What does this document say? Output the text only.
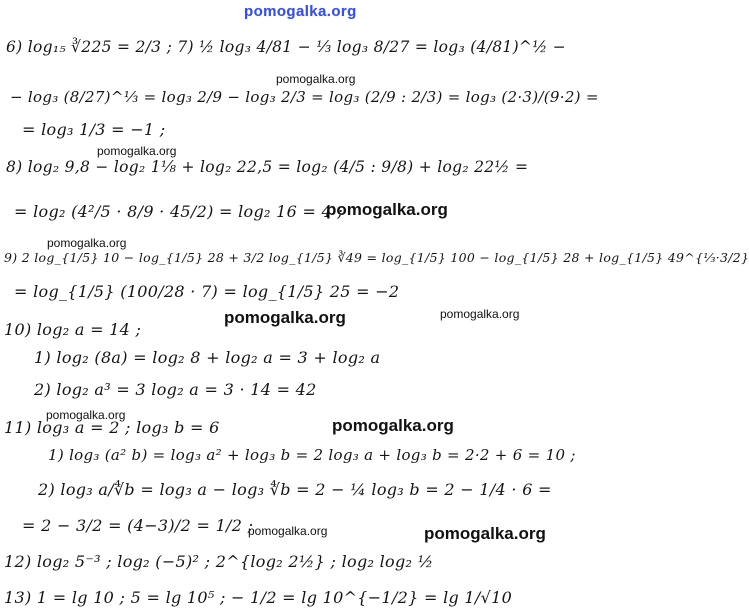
pomogalka.org
6) log₁₅ ∛225 = 2/3 ; 7) ½ log₃ 4/81 − ⅓ log₃ 8/27 = log₃ (4/81)^½ −
− log₃ (8/27)^⅓ = log₃ 2/9 − log₃ 2/3 = log₃ (2/9 : 2/3) = log₃ (2·3)/(9·2) =
= log₃ 1/3 = −1 ;
8) log₂ 9,8 − log₂ 1⅛ + log₂ 22,5 = log₂ (4/5 : 9/8) + log₂ 22½ =
= log₂ (4²/5 · 8/9 · 45/2) = log₂ 16 = 4 ;
9) 2 log_{1/5} 10 − log_{1/5} 28 + 3/2 log_{1/5} ∛49 = log_{1/5} 100 − log_{1/5} 28 + log_{1/5} 49^{⅓·3/2}
= log_{1/5} (100/28 · 7) = log_{1/5} 25 = −2
10) log₂ a = 14 ;
1) log₂ (8a) = log₂ 8 + log₂ a = 3 + log₂ a
2) log₂ a³ = 3 log₂ a = 3 · 14 = 42
11) log₃ a = 2 ; log₃ b = 6
1) log₃ (a² b) = log₃ a² + log₃ b = 2 log₃ a + log₃ b = 2·2 + 6 = 10 ;
2) log₃ a/∜b = log₃ a − log₃ ∜b = 2 − ¼ log₃ b = 2 − 1/4 · 6 =
= 2 − 3/2 = (4−3)/2 = 1/2 ;
12) log₂ 5⁻³ ; log₂ (−5)² ; 2^{log₂ 2½} ; log₂ log₂ ½
13) 1 = lg 10 ; 5 = lg 10⁵ ; − 1/2 = lg 10^{−1/2} = lg 1/√10
pomogalka.org
pomogalka.org
pomogalka.org
pomogalka.org
pomogalka.org	pomogalka.org
pomogalka.org
pomogalka.org
pomogalka.org	pomogalka.org
